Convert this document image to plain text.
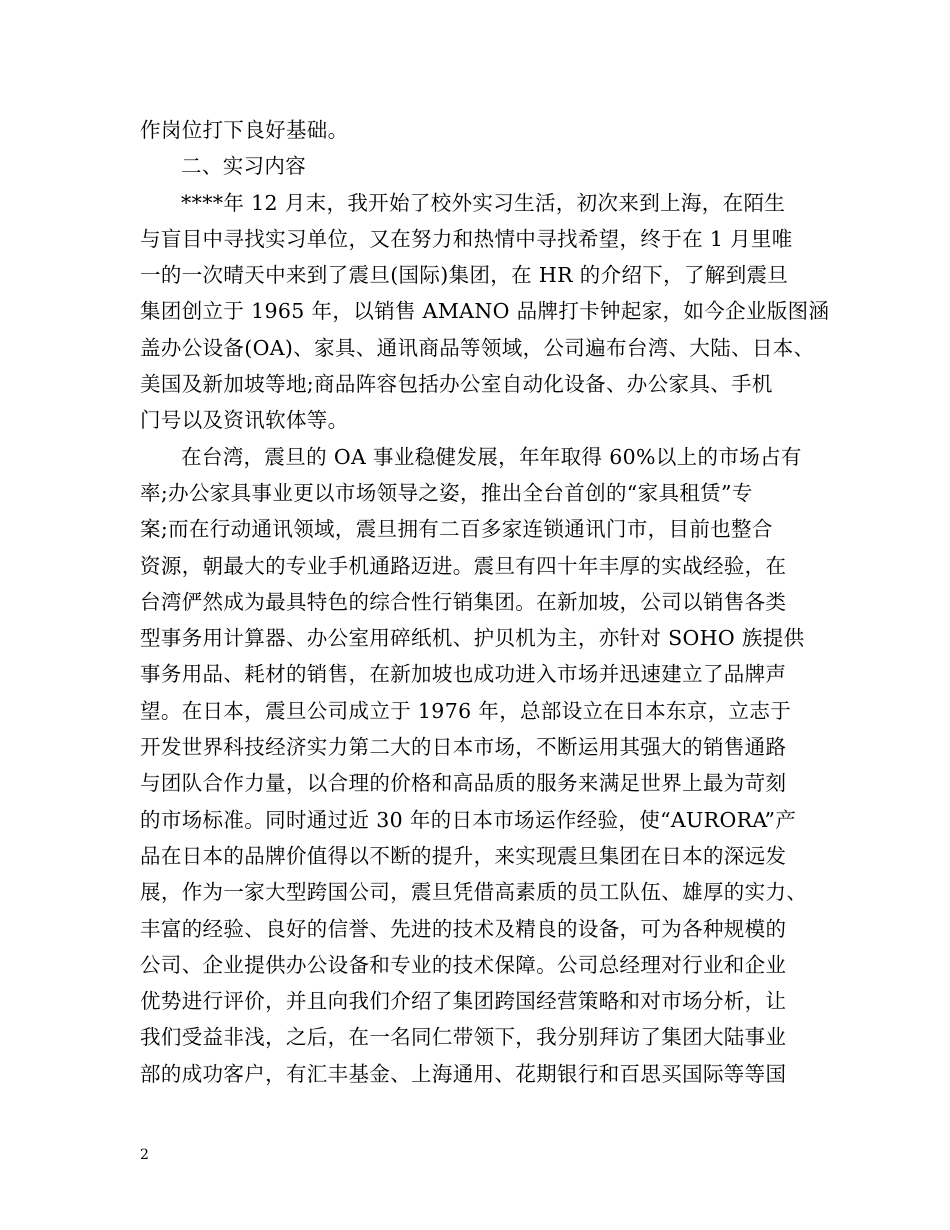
作岗位打下良好基础。
二、实习内容
****年 12 月末，我开始了校外实习生活，初次来到上海，在陌生
与盲目中寻找实习单位，又在努力和热情中寻找希望，终于在 1 月里唯
一的一次晴天中来到了震旦(国际)集团，在 HR 的介绍下，了解到震旦
集团创立于 1965 年，以销售 AMANO 品牌打卡钟起家，如今企业版图涵
盖办公设备(OA)、家具、通讯商品等领域，公司遍布台湾、大陆、日本、
美国及新加坡等地;商品阵容包括办公室自动化设备、办公家具、手机
门号以及资讯软体等。
在台湾，震旦的 OA 事业稳健发展，年年取得 60%以上的市场占有
率;办公家具事业更以市场领导之姿，推出全台首创的“家具租赁”专
案;而在行动通讯领域，震旦拥有二百多家连锁通讯门市，目前也整合
资源，朝最大的专业手机通路迈进。震旦有四十年丰厚的实战经验，在
台湾俨然成为最具特色的综合性行销集团。在新加坡，公司以销售各类
型事务用计算器、办公室用碎纸机、护贝机为主，亦针对 SOHO 族提供
事务用品、耗材的销售，在新加坡也成功进入市场并迅速建立了品牌声
望。在日本，震旦公司成立于 1976 年，总部设立在日本东京，立志于
开发世界科技经济实力第二大的日本市场，不断运用其强大的销售通路
与团队合作力量，以合理的价格和高品质的服务来满足世界上最为苛刻
的市场标准。同时通过近 30 年的日本市场运作经验，使“AURORA”产
品在日本的品牌价值得以不断的提升，来实现震旦集团在日本的深远发
展，作为一家大型跨国公司，震旦凭借高素质的员工队伍、雄厚的实力、
丰富的经验、良好的信誉、先进的技术及精良的设备，可为各种规模的
公司、企业提供办公设备和专业的技术保障。公司总经理对行业和企业
优势进行评价，并且向我们介绍了集团跨国经营策略和对市场分析，让
我们受益非浅，之后，在一名同仁带领下，我分别拜访了集团大陆事业
部的成功客户，有汇丰基金、上海通用、花期银行和百思买国际等等国
2
